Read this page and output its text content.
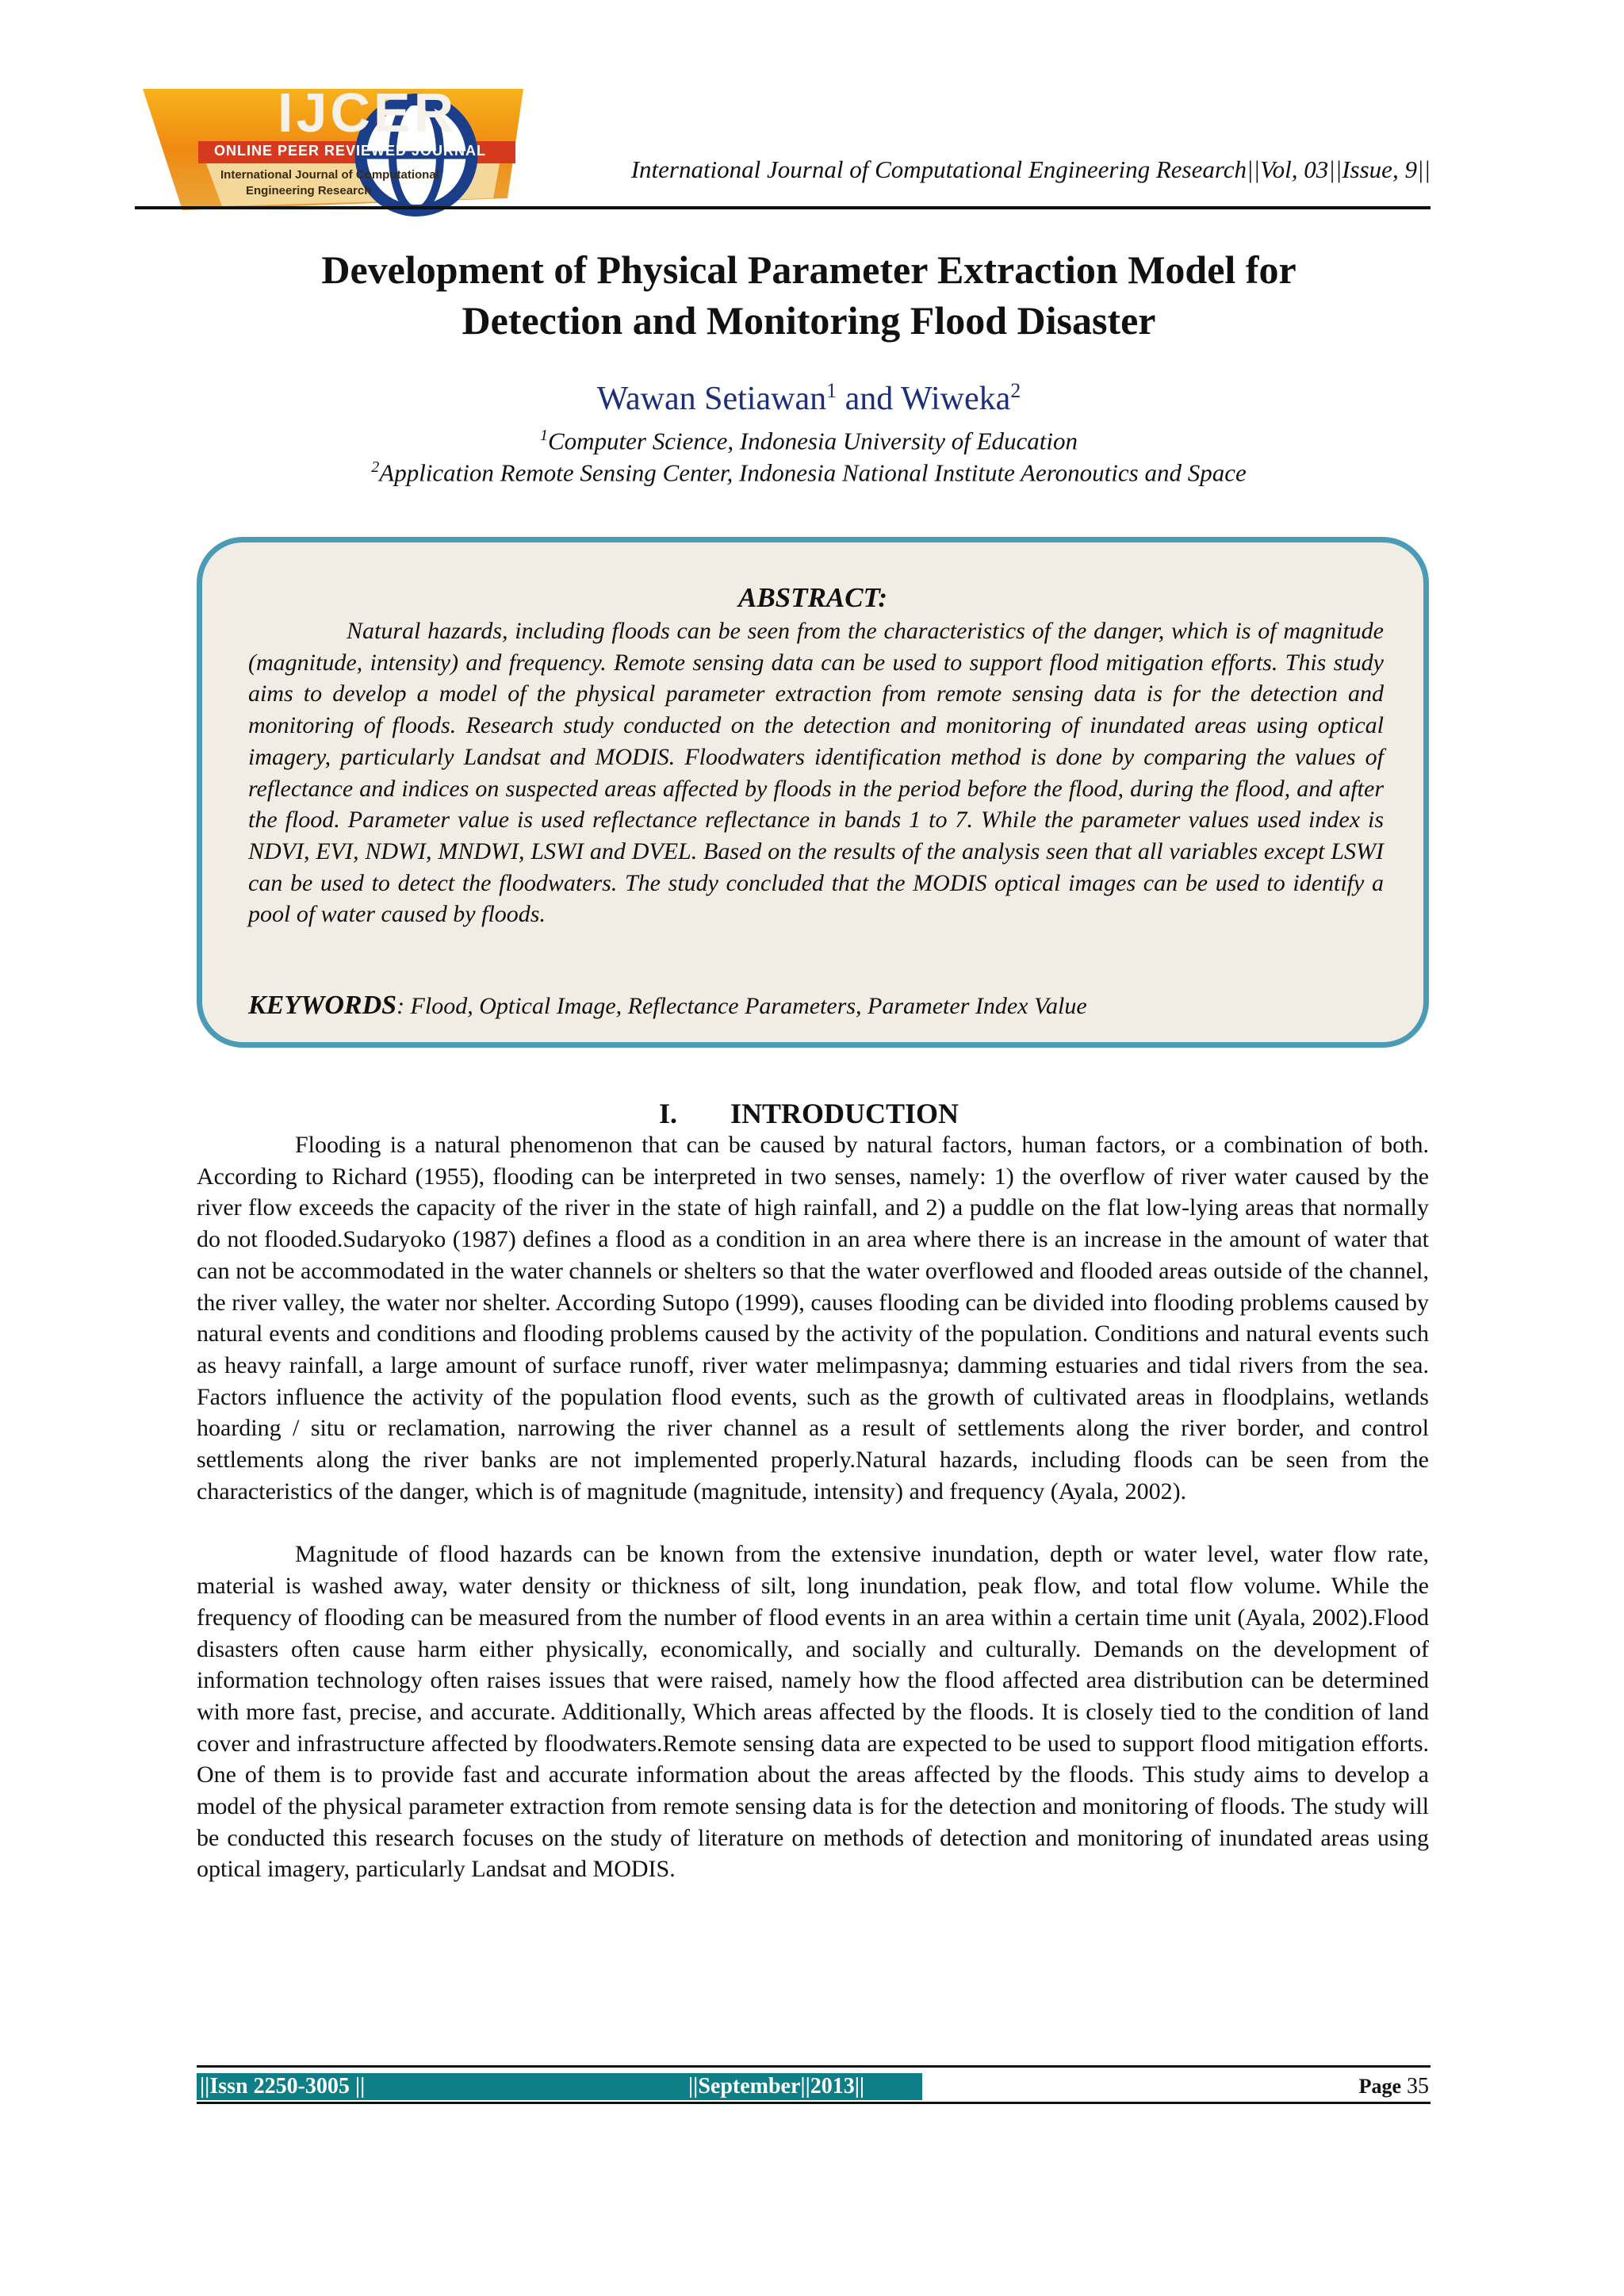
IJCER
ONLINE PEER REVIEWED JOURNAL
International Journal of Computational
Engineering Research
International Journal of Computational Engineering Research||Vol, 03||Issue, 9||
Development of Physical Parameter Extraction Model for
Detection and Monitoring Flood Disaster
Wawan Setiawan$^1$ and Wiweka$^2$
$^1$Computer Science, Indonesia University of Education
$^2$Application Remote Sensing Center, Indonesia National Institute Aeronoutics and Space
ABSTRACT:

Natural hazards, including floods can be seen from the characteristics of the danger, which is of magnitude (magnitude, intensity) and frequency. Remote sensing data can be used to support flood mitigation efforts. This study aims to develop a model of the physical parameter extraction from remote sensing data is for the detection and monitoring of floods. Research study conducted on the detection and monitoring of inundated areas using optical imagery, particularly Landsat and MODIS. Floodwaters identification method is done by comparing the values of reflectance and indices on suspected areas affected by floods in the period before the flood, during the flood, and after the flood. Parameter value is used reflectance reflectance in bands 1 to 7. While the parameter values used index is NDVI, EVI, NDWI, MNDWI, LSWI and DVEL. Based on the results of the analysis seen that all variables except LSWI can be used to detect the floodwaters. The study concluded that the MODIS optical images can be used to identify a pool of water caused by floods.

KEYWORDS: Flood, Optical Image, Reflectance Parameters, Parameter Index Value
I. INTRODUCTION

Flooding is a natural phenomenon that can be caused by natural factors, human factors, or a combination of both. According to Richard (1955), flooding can be interpreted in two senses, namely: 1) the overflow of river water caused by the river flow exceeds the capacity of the river in the state of high rainfall, and 2) a puddle on the flat low-lying areas that normally do not flooded.Sudaryoko (1987) defines a flood as a condition in an area where there is an increase in the amount of water that can not be accommodated in the water channels or shelters so that the water overflowed and flooded areas outside of the channel, the river valley, the water nor shelter. According Sutopo (1999), causes flooding can be divided into flooding problems caused by natural events and conditions and flooding problems caused by the activity of the population. Conditions and natural events such as heavy rainfall, a large amount of surface runoff, river water melimpasnya; damming estuaries and tidal rivers from the sea. Factors influence the activity of the population flood events, such as the growth of cultivated areas in floodplains, wetlands hoarding / situ or reclamation, narrowing the river channel as a result of settlements along the river border, and control settlements along the river banks are not implemented properly.Natural hazards, including floods can be seen from the characteristics of the danger, which is of magnitude (magnitude, intensity) and frequency (Ayala, 2002).

Magnitude of flood hazards can be known from the extensive inundation, depth or water level, water flow rate, material is washed away, water density or thickness of silt, long inundation, peak flow, and total flow volume. While the frequency of flooding can be measured from the number of flood events in an area within a certain time unit (Ayala, 2002).Flood disasters often cause harm either physically, economically, and socially and culturally. Demands on the development of information technology often raises issues that were raised, namely how the flood affected area distribution can be determined with more fast, precise, and accurate. Additionally, Which areas affected by the floods. It is closely tied to the condition of land cover and infrastructure affected by floodwaters.Remote sensing data are expected to be used to support flood mitigation efforts. One of them is to provide fast and accurate information about the areas affected by the floods. This study aims to develop a model of the physical parameter extraction from remote sensing data is for the detection and monitoring of floods. The study will be conducted this research focuses on the study of literature on methods of detection and monitoring of inundated areas using optical imagery, particularly Landsat and MODIS.

||Issn 2250-3005 ||	||September||2013||	Page 35
